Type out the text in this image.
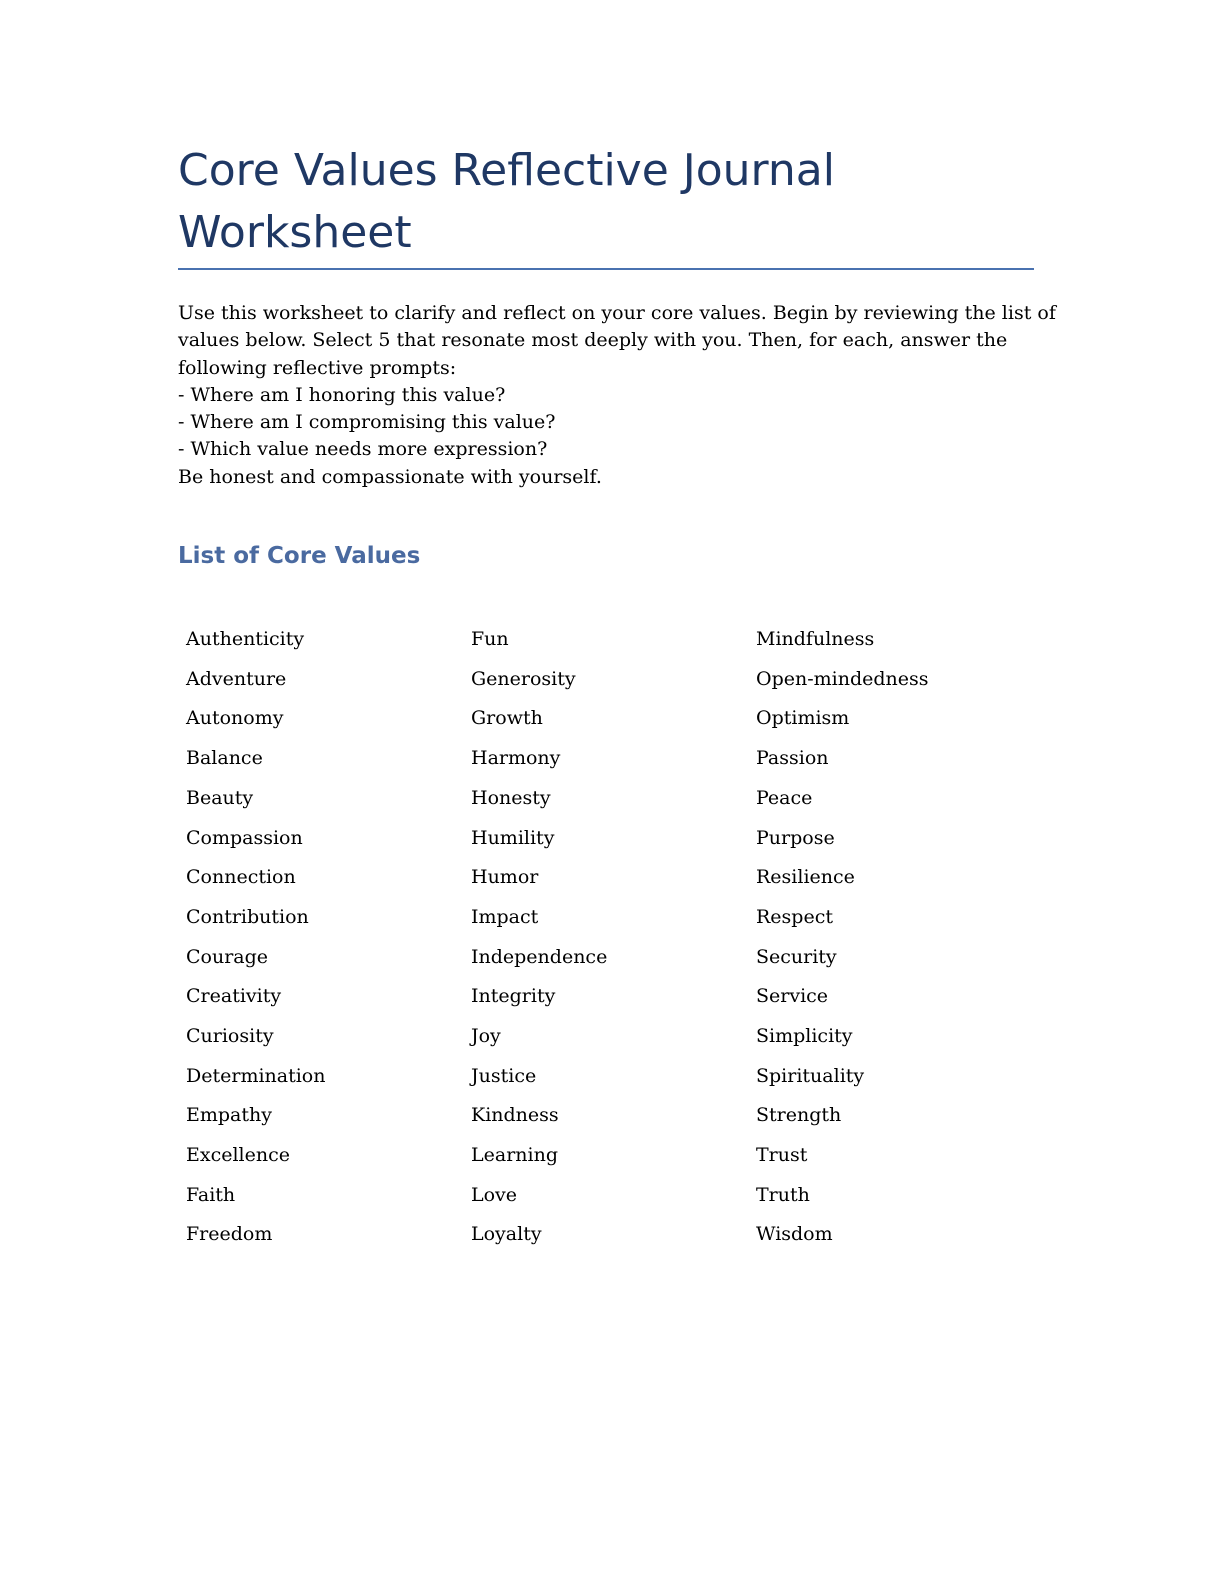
Core Values Reflective Journal
Worksheet
Use this worksheet to clarify and reflect on your core values. Begin by reviewing the list of
values below. Select 5 that resonate most deeply with you. Then, for each, answer the
following reflective prompts:
- Where am I honoring this value?
- Where am I compromising this value?
- Which value needs more expression?
Be honest and compassionate with yourself.
List of Core Values
Authenticity
Adventure
Autonomy
Balance
Beauty
Compassion
Connection
Contribution
Courage
Creativity
Curiosity
Determination
Empathy
Excellence
Faith
Freedom
Fun
Generosity
Growth
Harmony
Honesty
Humility
Humor
Impact
Independence
Integrity
Joy
Justice
Kindness
Learning
Love
Loyalty
Mindfulness
Open-mindedness
Optimism
Passion
Peace
Purpose
Resilience
Respect
Security
Service
Simplicity
Spirituality
Strength
Trust
Truth
Wisdom
